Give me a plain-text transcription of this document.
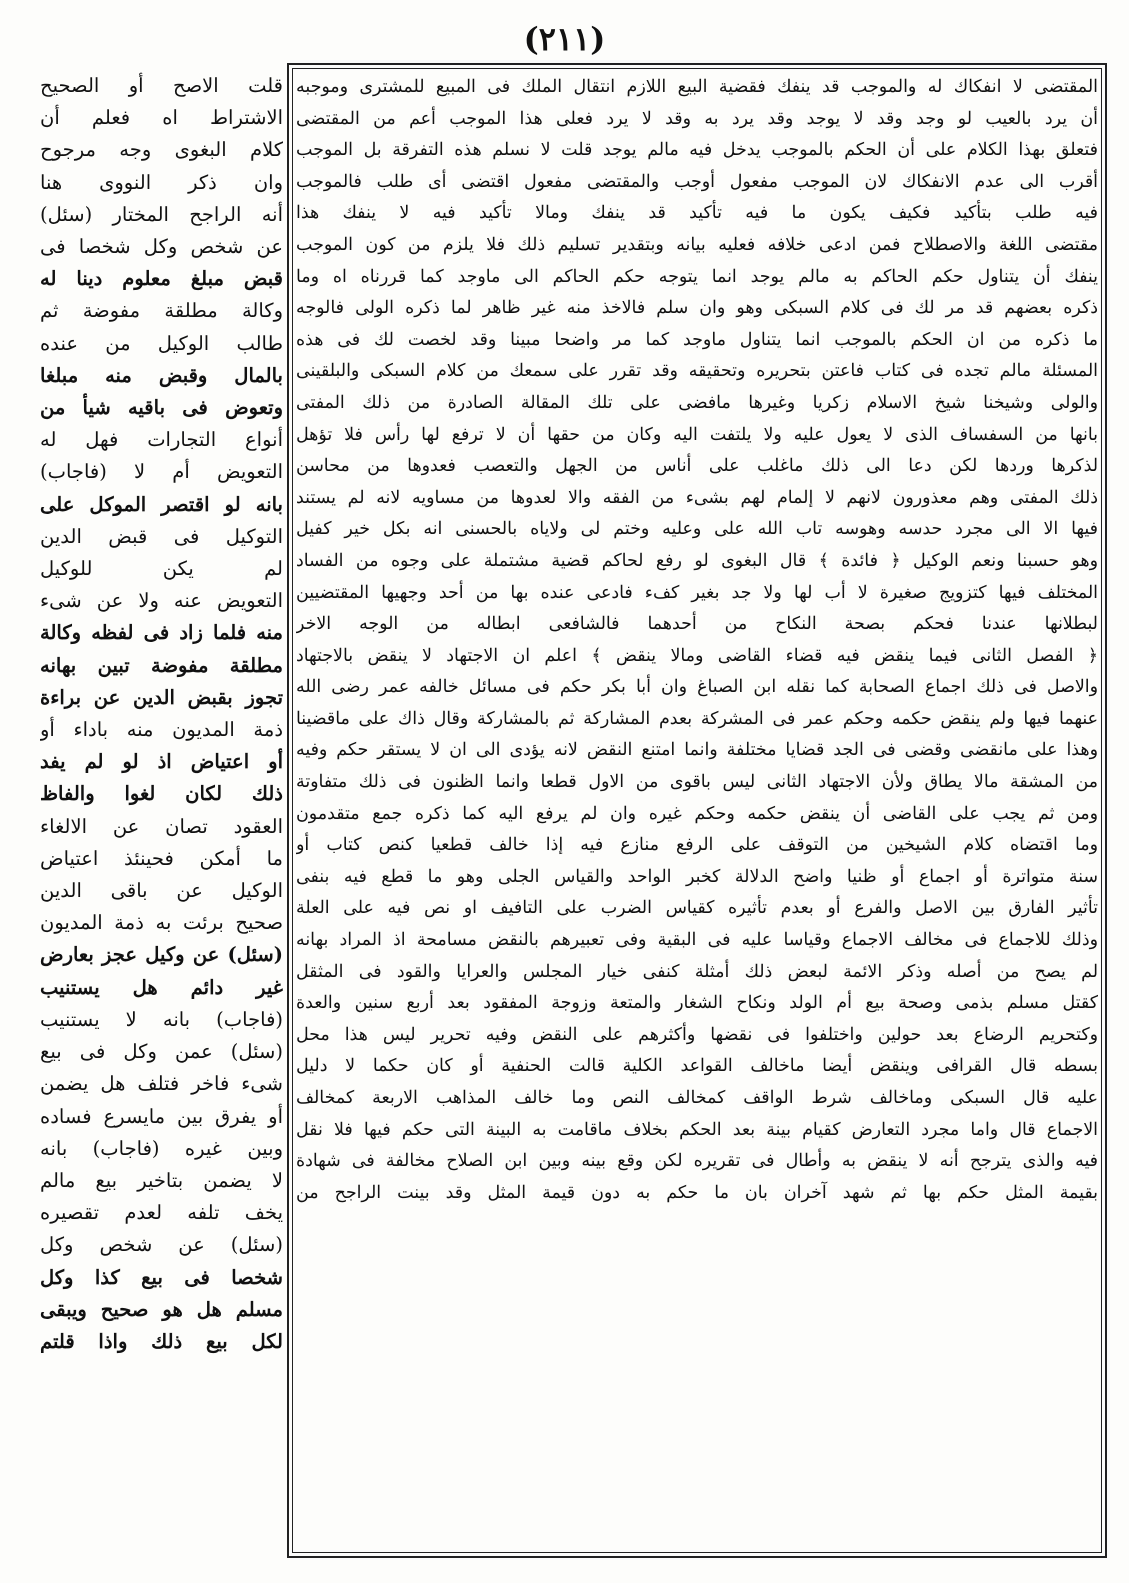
(٢١١)
المقتضى لا انفكاك له والموجب قد ينفك فقضية البيع اللازم انتقال الملك فى المبيع للمشترى وموجبه
أن يرد بالعيب لو وجد وقد لا يوجد وقد يرد به وقد لا يرد فعلى هذا الموجب أعم من المقتضى
فتعلق بهذا الكلام على أن الحكم بالموجب يدخل فيه مالم يوجد قلت لا نسلم هذه التفرقة بل الموجب
أقرب الى عدم الانفكاك لان الموجب مفعول أوجب والمقتضى مفعول اقتضى أى طلب فالموجب
فيه طلب بتأكيد فكيف يكون ما فيه تأكيد قد ينفك ومالا تأكيد فيه لا ينفك هذا
مقتضى اللغة والاصطلاح فمن ادعى خلافه فعليه بيانه وبتقدير تسليم ذلك فلا يلزم من كون الموجب
ينفك أن يتناول حكم الحاكم به مالم يوجد انما يتوجه حكم الحاكم الى ماوجد كما قررناه اه وما
ذكره بعضهم قد مر لك فى كلام السبكى وهو وان سلم فالاخذ منه غير ظاهر لما ذكره الولى فالوجه
ما ذكره من ان الحكم بالموجب انما يتناول ماوجد كما مر واضحا مبينا وقد لخصت لك فى هذه
المسئلة مالم تجده فى كتاب فاعتن بتحريره وتحقيقه وقد تقرر على سمعك من كلام السبكى والبلقينى
والولى وشيخنا شيخ الاسلام زكريا وغيرها مافضى على تلك المقالة الصادرة من ذلك المفتى
بانها من السفساف الذى لا يعول عليه ولا يلتفت اليه وكان من حقها أن لا ترفع لها رأس فلا تؤهل
لذكرها وردها لكن دعا الى ذلك ماغلب على أناس من الجهل والتعصب فعدوها من محاسن
ذلك المفتى وهم معذورون لانهم لا إلمام لهم بشىء من الفقه والا لعدوها من مساويه لانه لم يستند
فيها الا الى مجرد حدسه وهوسه تاب الله على وعليه وختم لى ولاياه بالحسنى انه بكل خير كفيل
وهو حسبنا ونعم الوكيل ﴿ فائدة ﴾ قال البغوى لو رفع لحاكم قضية مشتملة على وجوه من الفساد
المختلف فيها كتزويج صغيرة لا أب لها ولا جد بغير كفء فادعى عنده بها من أحد وجهيها المقتضيين
لبطلانها عندنا فحكم بصحة النكاح من أحدهما فالشافعى ابطاله من الوجه الاخر
﴿ الفصل الثانى فيما ينقض فيه قضاء القاضى ومالا ينقض ﴾ اعلم ان الاجتهاد لا ينقض بالاجتهاد
والاصل فى ذلك اجماع الصحابة كما نقله ابن الصباغ وان أبا بكر حكم فى مسائل خالفه عمر رضى الله
عنهما فيها ولم ينقض حكمه وحكم عمر فى المشركة بعدم المشاركة ثم بالمشاركة وقال ذاك على ماقضينا
وهذا على مانقضى وقضى فى الجد قضايا مختلفة وانما امتنع النقض لانه يؤدى الى ان لا يستقر حكم وفيه
من المشقة مالا يطاق ولأن الاجتهاد الثانى ليس باقوى من الاول قطعا وانما الظنون فى ذلك متفاوتة
ومن ثم يجب على القاضى أن ينقض حكمه وحكم غيره وان لم يرفع اليه كما ذكره جمع متقدمون
وما اقتضاه كلام الشيخين من التوقف على الرفع منازع فيه إذا خالف قطعيا كنص كتاب أو
سنة متواترة أو اجماع أو ظنيا واضح الدلالة كخبر الواحد والقياس الجلى وهو ما قطع فيه بنفى
تأثير الفارق بين الاصل والفرع أو بعدم تأثيره كقياس الضرب على التافيف او نص فيه على العلة
وذلك للاجماع فى مخالف الاجماع وقياسا عليه فى البقية وفى تعبيرهم بالنقض مسامحة اذ المراد بهانه
لم يصح من أصله وذكر الائمة لبعض ذلك أمثلة كنفى خيار المجلس والعرايا والقود فى المثقل
كقتل مسلم بذمى وصحة بيع أم الولد ونكاح الشغار والمتعة وزوجة المفقود بعد أربع سنين والعدة
وكتحريم الرضاع بعد حولين واختلفوا فى نقضها وأكثرهم على النقض وفيه تحرير ليس هذا محل
بسطه قال القرافى وينقض أيضا ماخالف القواعد الكلية قالت الحنفية أو كان حكما لا دليل
عليه قال السبكى وماخالف شرط الواقف كمخالف النص وما خالف المذاهب الاربعة كمخالف
الاجماع قال واما مجرد التعارض كقيام بينة بعد الحكم بخلاف ماقامت به البينة التى حكم فيها فلا نقل
فيه والذى يترجح أنه لا ينقض به وأطال فى تقريره لكن وقع بينه وبين ابن الصلاح مخالفة فى شهادة
بقيمة المثل حكم بها ثم شهد آخران بان ما حكم به دون قيمة المثل وقد بينت الراجح من
قلت الاصح أو الصحيح
الاشتراط اه فعلم أن
كلام البغوى وجه مرجوح
وان ذكر النووى هنا
أنه الراجح المختار (سئل)
عن شخص وكل شخصا فى
قبض مبلغ معلوم دينا له
وكالة مطلقة مفوضة ثم
طالب الوكيل من عنده
بالمال وقبض منه مبلغا
وتعوض فى باقيه شيأ من
أنواع التجارات فهل له
التعويض أم لا (فاجاب)
بانه لو اقتصر الموكل على
التوكيل فى قبض الدين
لم يكن للوكيل
التعويض عنه ولا عن شىء
منه فلما زاد فى لفظه وكالة
مطلقة مفوضة تبين بهانه
تجوز بقبض الدين عن براءة
ذمة المديون منه باداء أو
أو اعتياض اذ لو لم يفد
ذلك لكان لغوا والفاظ
العقود تصان عن الالغاء
ما أمكن فحينئذ اعتياض
الوكيل عن باقى الدين
صحيح برئت به ذمة المديون
(سئل) عن وكيل عجز بعارض
غير دائم هل يستنيب
(فاجاب) بانه لا يستنيب
(سئل) عمن وكل فى بيع
شىء فاخر فتلف هل يضمن
أو يفرق بين مايسرع فساده
وبين غيره (فاجاب) بانه
لا يضمن بتاخير بيع مالم
يخف تلفه لعدم تقصيره
(سئل) عن شخص وكل
شخصا فى بيع كذا وكل
مسلم هل هو صحيح ويبقى
لكل بيع ذلك واذا قلتم
